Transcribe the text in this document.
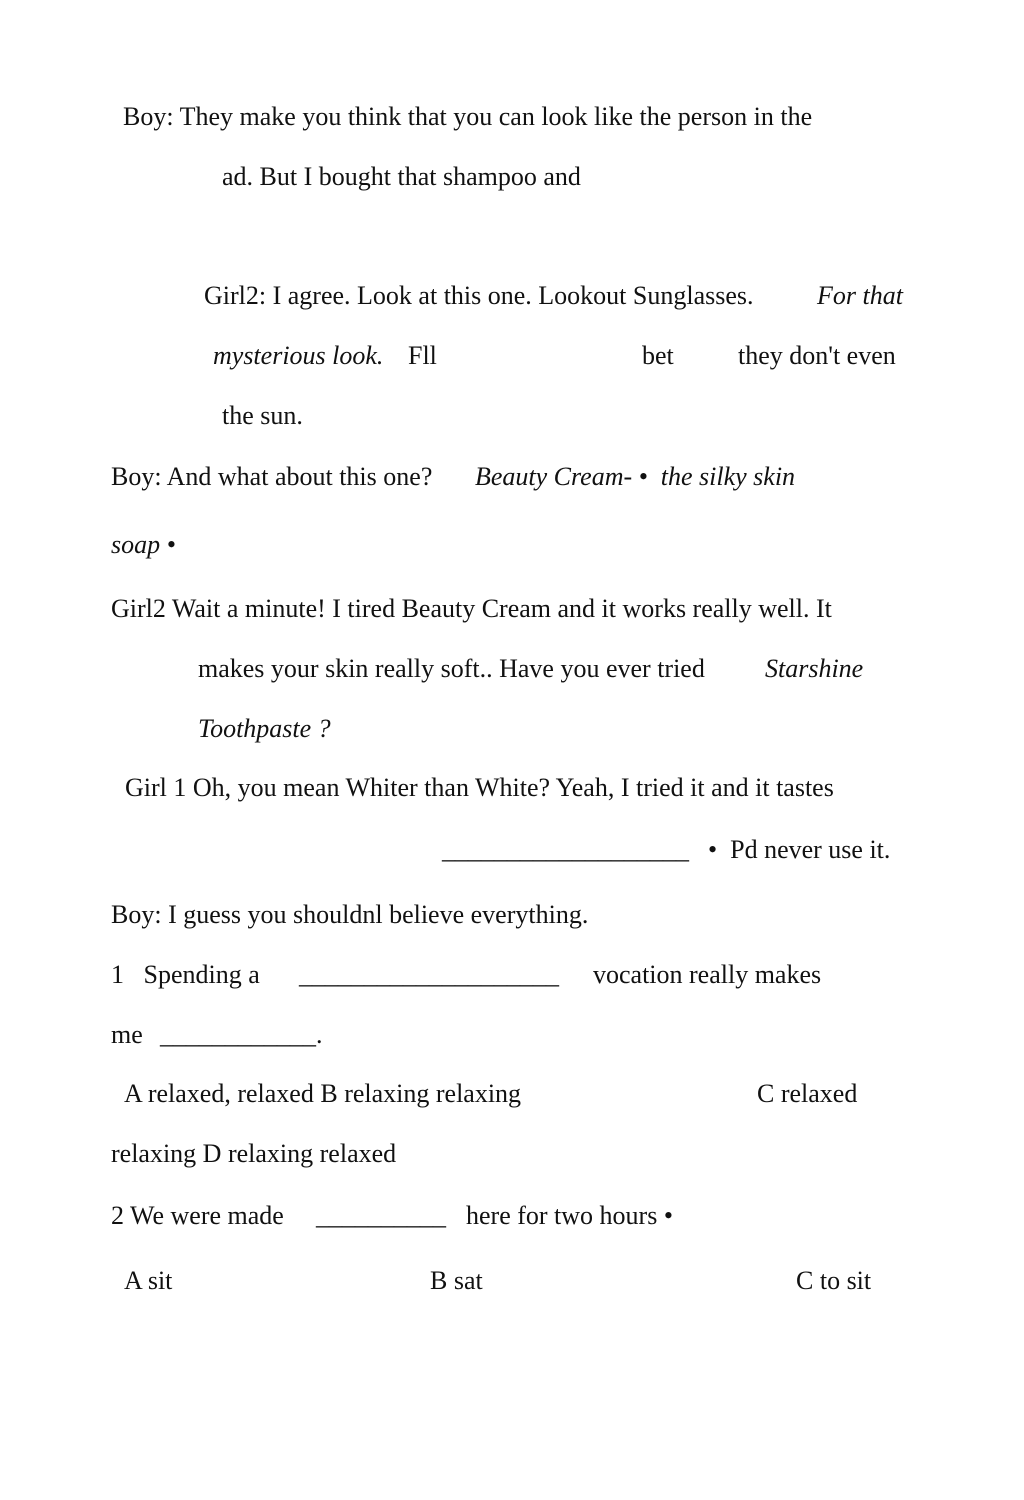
Boy: They make you think that you can look like the person in the
ad. But I bought that shampoo and
Girl2: I agree. Look at this one. Lookout Sunglasses. For that
mysterious look. Fll	bet they don't even
the sun.
Boy: And what about this one? Beauty Cream- •  the silky skin
soap •
Girl2 Wait a minute! I tired Beauty Cream and it works really well. It
makes your skin really soft.. Have you ever tried Starshine
Toothpaste ?
Girl 1 Oh, you mean Whiter than White? Yeah, I tried it and it tastes
___________________ •  Pd never use it.
Boy: I guess you shouldnl believe everything.
1   Spending a ____________________ vocation really makes
me ____________.
A relaxed, relaxed B relaxing relaxing	C relaxed
relaxing D relaxing relaxed
2 We were made __________ here for two hours •
A sit	B sat	C to sit
